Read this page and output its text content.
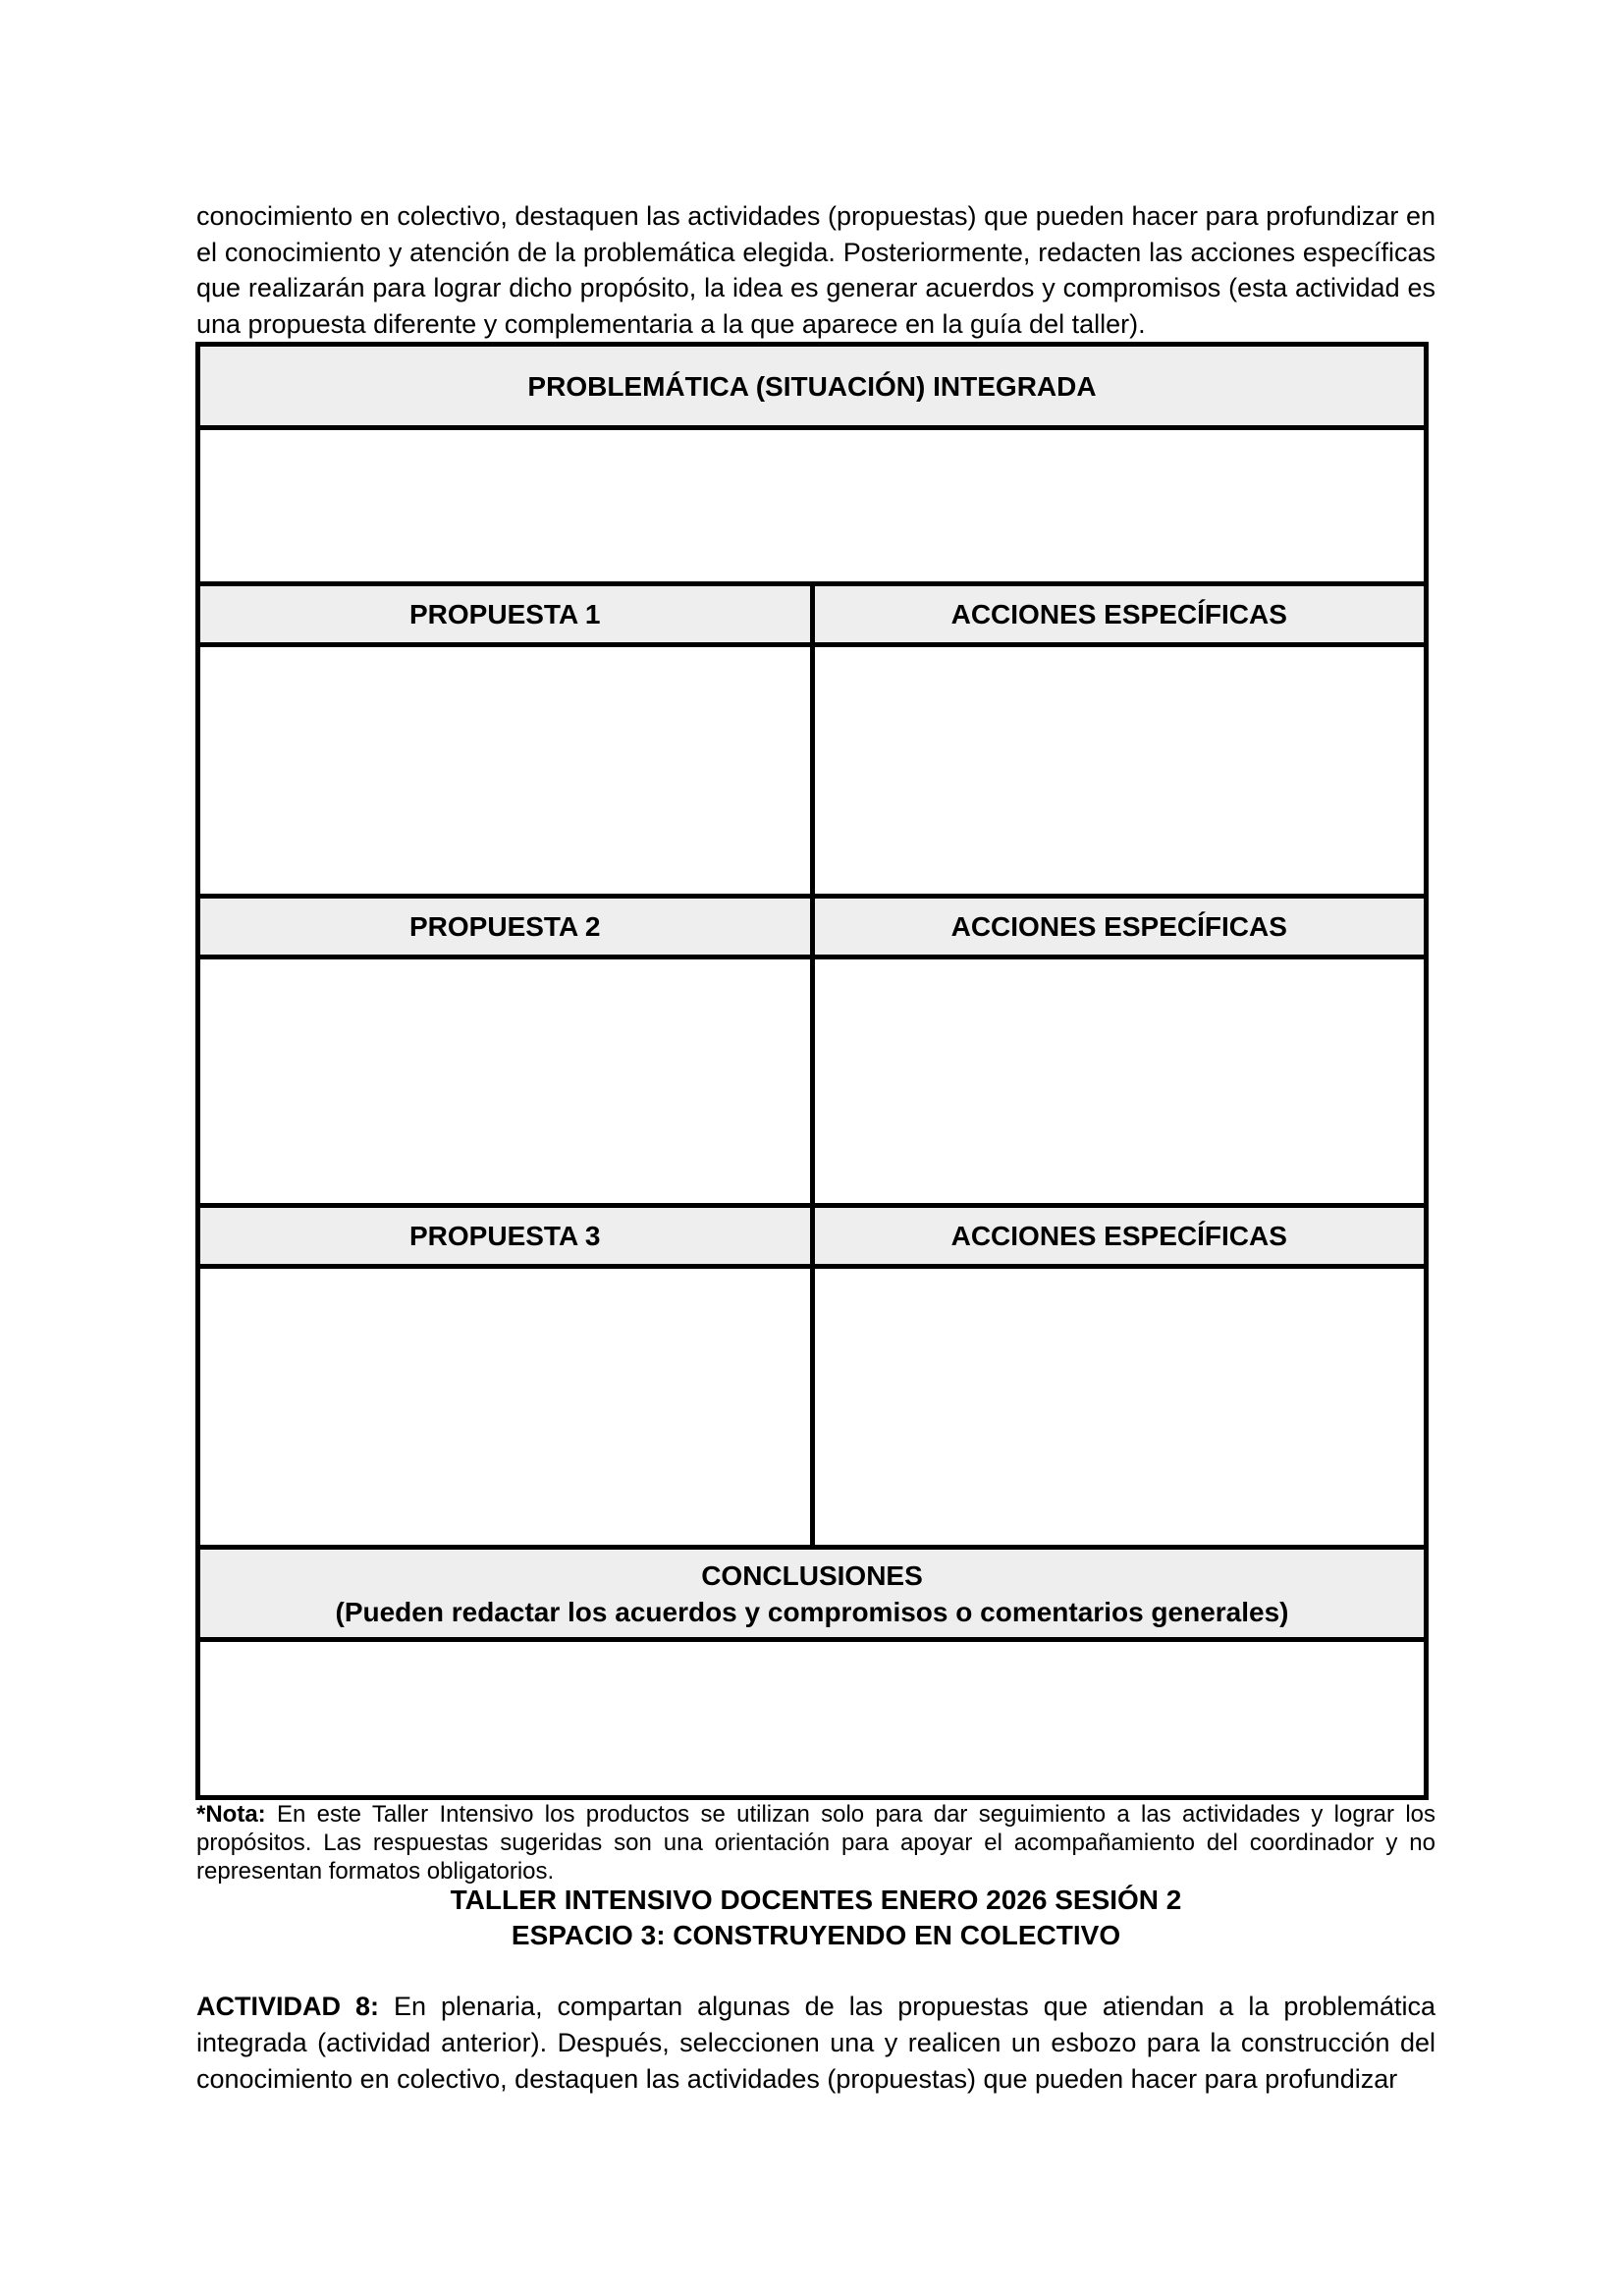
conocimiento en colectivo, destaquen las actividades (propuestas) que pueden hacer para profundizar en el conocimiento y atención de la problemática elegida. Posteriormente, redacten las acciones específicas que realizarán para lograr dicho propósito, la idea es generar acuerdos y compromisos (esta actividad es una propuesta diferente y complementaria a la que aparece en la guía del taller).

PROBLEMÁTICA (SITUACIÓN) INTEGRADA	

PROPUESTA 1	ACCIONES ESPECÍFICAS

PROPUESTA 2	ACCIONES ESPECÍFICAS

PROPUESTA 3	ACCIONES ESPECÍFICAS

CONCLUSIONES
(Pueden redactar los acuerdos y compromisos o comentarios generales)	

*Nota: En este Taller Intensivo los productos se utilizan solo para dar seguimiento a las actividades y lograr los propósitos. Las respuestas sugeridas son una orientación para apoyar el acompañamiento del coordinador y no representan formatos obligatorios.

TALLER INTENSIVO DOCENTES ENERO 2026 SESIÓN 2
ESPACIO 3: CONSTRUYENDO EN COLECTIVO

ACTIVIDAD 8: En plenaria, compartan algunas de las propuestas que atiendan a la problemática integrada (actividad anterior). Después, seleccionen una y realicen un esbozo para la construcción del conocimiento en colectivo, destaquen las actividades (propuestas) que pueden hacer para profundizar
